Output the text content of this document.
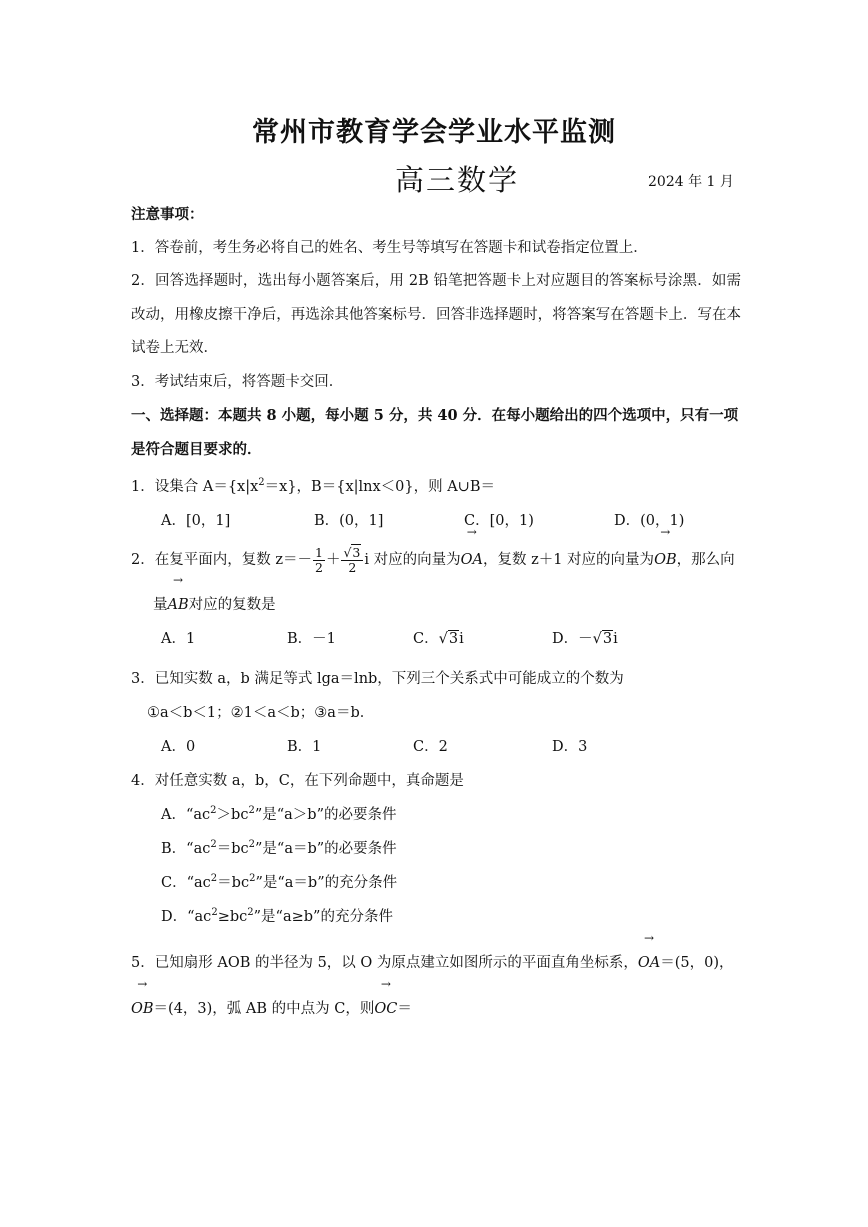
常州市教育学会学业水平监测
高三数学	2024 年 1 月
注意事项：
1．答卷前，考生务必将自己的姓名、考生号等填写在答题卡和试卷指定位置上．
2．回答选择题时，选出每小题答案后，用 2B 铅笔把答题卡上对应题目的答案标号涂黑．如需改动，用橡皮擦干净后，再选涂其他答案标号．回答非选择题时，将答案写在答题卡上．写在本试卷上无效．
3．考试结束后，将答题卡交回．
一、选择题：本题共 8 小题，每小题 5 分，共 40 分．在每小题给出的四个选项中，只有一项是符合题目要求的．
1．设集合 $A=\{x|x^2=x\}$，B＝{x|lnx＜0}，则 A∪B＝
A．[0，1]	B．(0，1]	C．[0，1)	D．(0，1)
2．在复平面内，复数 $z=- \frac{1}{2} + \frac{√3}{2}$ i 对应的向量为→ OA，复数 z＋1 对应的向量为→ OB，那么向
量→ AB对应的复数是
A．1	B．－1	C．√3i	D．－√3i
3．已知实数 a，b 满足等式 lga＝lnb，下列三个关系式中可能成立的个数为
①a＜b＜1；②1＜a＜b；③a＝b．
A．0	B．1	C．2	D．3
4．对任意实数 a，b，C，在下列命题中，真命题是
A．“$ac^2>bc^2$”是“a＞b”的必要条件
B．“$ac^2=bc^2$”是“a＝b”的必要条件
C．“$ac^2=bc^2$”是“a＝b”的充分条件
D．“$ac^2\ge bc^2$”是“a≥b”的充分条件
5．已知扇形 AOB 的半径为 5，以 O 为原点建立如图所示的平面直角坐标系，→ OA＝(5，0)，
→ OB＝(4，3)，弧 AB 的中点为 C，则→ OC＝
